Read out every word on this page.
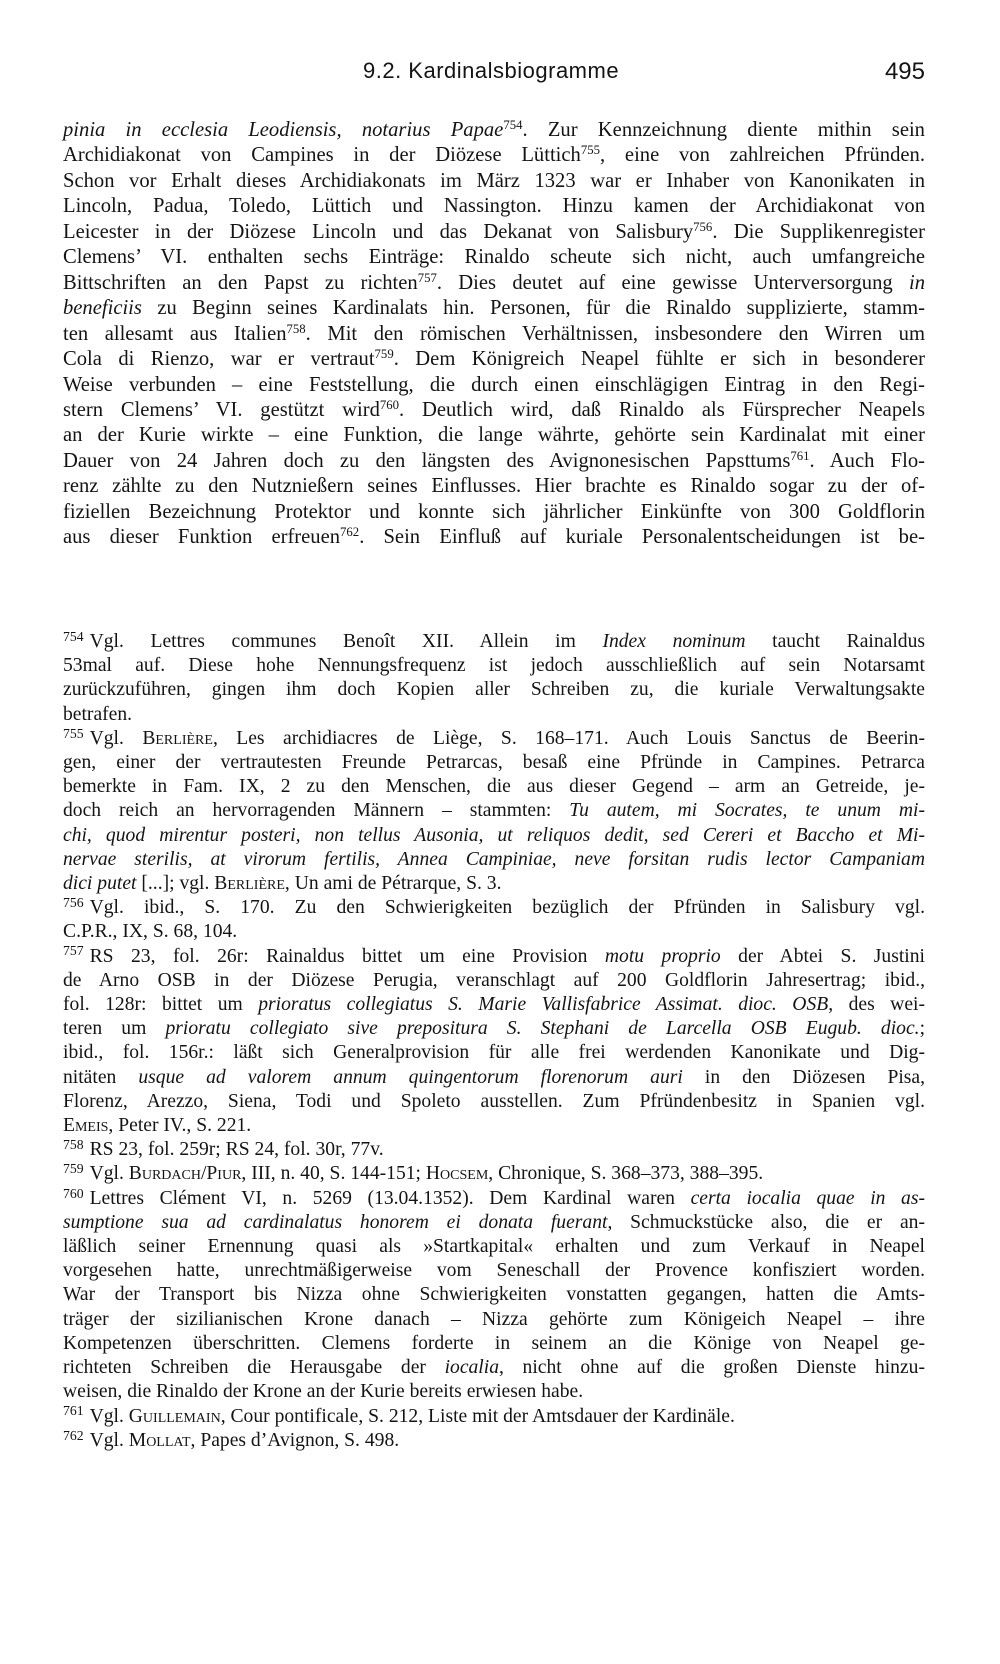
9.2. Kardinalsbiogramme	495
pinia in ecclesia Leodiensis, notarius Papae$^{754}$. Zur Kennzeichnung diente mithin sein
Archidiakonat von Campines in der Diözese Lüttich$^{755}$, eine von zahlreichen Pfründen.
Schon vor Erhalt dieses Archidiakonats im März 1323 war er Inhaber von Kanonikaten in
Lincoln, Padua, Toledo, Lüttich und Nassington. Hinzu kamen der Archidiakonat von
Leicester in der Diözese Lincoln und das Dekanat von Salisbury$^{756}$. Die Supplikenregister
Clemens’ VI. enthalten sechs Einträge: Rinaldo scheute sich nicht, auch umfangreiche
Bittschriften an den Papst zu richten$^{757}$. Dies deutet auf eine gewisse Unterversorgung in
beneficiis zu Beginn seines Kardinalats hin. Personen, für die Rinaldo supplizierte, stamm-
ten allesamt aus Italien$^{758}$. Mit den römischen Verhältnissen, insbesondere den Wirren um
Cola di Rienzo, war er vertraut$^{759}$. Dem Königreich Neapel fühlte er sich in besonderer
Weise verbunden – eine Feststellung, die durch einen einschlägigen Eintrag in den Regi-
stern Clemens’ VI. gestützt wird$^{760}$. Deutlich wird, daß Rinaldo als Fürsprecher Neapels
an der Kurie wirkte – eine Funktion, die lange währte, gehörte sein Kardinalat mit einer
Dauer von 24 Jahren doch zu den längsten des Avignonesischen Papsttums$^{761}$. Auch Flo-
renz zählte zu den Nutznießern seines Einflusses. Hier brachte es Rinaldo sogar zu der of-
fiziellen Bezeichnung Protektor und konnte sich jährlicher Einkünfte von 300 Goldflorin
aus dieser Funktion erfreuen$^{762}$. Sein Einfluß auf kuriale Personalentscheidungen ist be-
$^{754}$ Vgl. Lettres communes Benoît XII. Allein im Index nominum taucht Rainaldus
53mal auf. Diese hohe Nennungsfrequenz ist jedoch ausschließlich auf sein Notarsamt
zurückzuführen, gingen ihm doch Kopien aller Schreiben zu, die kuriale Verwaltungsakte
betrafen.
$^{755}$ Vgl. Berlière, Les archidiacres de Liège, S. 168–171. Auch Louis Sanctus de Beerin-
gen, einer der vertrautesten Freunde Petrarcas, besaß eine Pfründe in Campines. Petrarca
bemerkte in Fam. IX, 2 zu den Menschen, die aus dieser Gegend – arm an Getreide, je-
doch reich an hervorragenden Männern – stammten: Tu autem, mi Socrates, te unum mi-
chi, quod mirentur posteri, non tellus Ausonia, ut reliquos dedit, sed Cereri et Baccho et Mi-
nervae sterilis, at virorum fertilis, Annea Campiniae, neve forsitan rudis lector Campaniam
dici putet [...]; vgl. Berlière, Un ami de Pétrarque, S. 3.
$^{756}$ Vgl. ibid., S. 170. Zu den Schwierigkeiten bezüglich der Pfründen in Salisbury vgl.
C.P.R., IX, S. 68, 104.
$^{757}$ RS 23, fol. 26r: Rainaldus bittet um eine Provision motu proprio der Abtei S. Justini
de Arno OSB in der Diözese Perugia, veranschlagt auf 200 Goldflorin Jahresertrag; ibid.,
fol. 128r: bittet um prioratus collegiatus S. Marie Vallisfabrice Assimat. dioc. OSB, des wei-
teren um prioratu collegiato sive prepositura S. Stephani de Larcella OSB Eugub. dioc.;
ibid., fol. 156r.: läßt sich Generalprovision für alle frei werdenden Kanonikate und Dig-
nitäten usque ad valorem annum quingentorum florenorum auri in den Diözesen Pisa,
Florenz, Arezzo, Siena, Todi und Spoleto ausstellen. Zum Pfründenbesitz in Spanien vgl.
Emeis, Peter IV., S. 221.
$^{758}$ RS 23, fol. 259r; RS 24, fol. 30r, 77v.
$^{759}$ Vgl. Burdach/Piur, III, n. 40, S. 144-151; Hocsem, Chronique, S. 368–373, 388–395.
$^{760}$ Lettres Clément VI, n. 5269 (13.04.1352). Dem Kardinal waren certa iocalia quae in as-
sumptione sua ad cardinalatus honorem ei donata fuerant, Schmuckstücke also, die er an-
läßlich seiner Ernennung quasi als »Startkapital« erhalten und zum Verkauf in Neapel
vorgesehen hatte, unrechtmäßigerweise vom Seneschall der Provence konfisziert worden.
War der Transport bis Nizza ohne Schwierigkeiten vonstatten gegangen, hatten die Amts-
träger der sizilianischen Krone danach – Nizza gehörte zum Königeich Neapel – ihre
Kompetenzen überschritten. Clemens forderte in seinem an die Könige von Neapel ge-
richteten Schreiben die Herausgabe der iocalia, nicht ohne auf die großen Dienste hinzu-
weisen, die Rinaldo der Krone an der Kurie bereits erwiesen habe.
$^{761}$ Vgl. Guillemain, Cour pontificale, S. 212, Liste mit der Amtsdauer der Kardinäle.
$^{762}$ Vgl. Mollat, Papes d’Avignon, S. 498.
